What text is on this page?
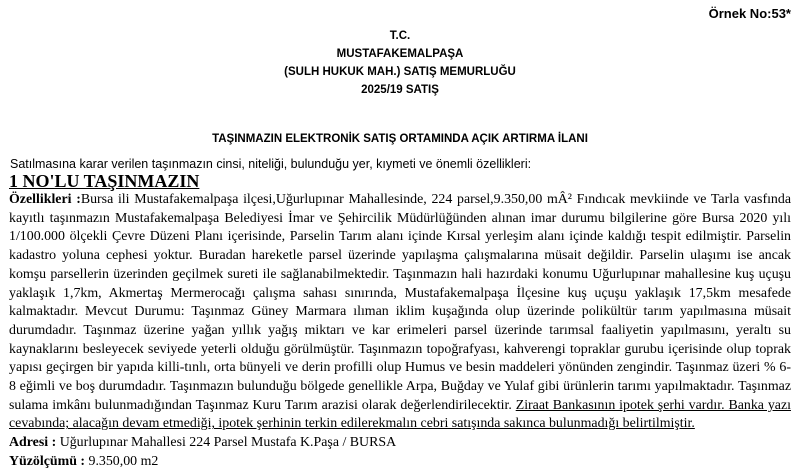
Örnek No:53*
T.C.
MUSTAFAKEMALPAŞA
(SULH HUKUK MAH.) SATIŞ MEMURLUĞU
2025/19 SATIŞ
TAŞINMAZIN ELEKTRONİK SATIŞ ORTAMINDA AÇIK ARTIRMA İLANI
Satılmasına karar verilen taşınmazın cinsi, niteliği, bulunduğu yer, kıymeti ve önemli özellikleri:
1 NO'LU TAŞINMAZIN

Özellikleri :Bursa ili Mustafakemalpaşa ilçesi,Uğurlupınar Mahallesinde, 224 parsel,9.350,00 mÂ² Fındıcak mevkiinde ve Tarla vasfında kayıtlı taşınmazın Mustafakemalpaşa Belediyesi İmar ve Şehircilik Müdürlüğünden alınan imar durumu bilgilerine göre Bursa 2020 yılı 1/100.000 ölçekli Çevre Düzeni Planı içerisinde, Parselin Tarım alanı içinde Kırsal yerleşim alanı içinde kaldığı tespit edilmiştir. Parselin kadastro yoluna cephesi yoktur. Buradan hareketle parsel üzerinde yapılaşma çalışmalarına müsait değildir. Parselin ulaşımı ise ancak komşu parsellerin üzerinden geçilmek sureti ile sağlanabilmektedir. Taşınmazın hali hazırdaki konumu Uğurlupınar mahallesine kuş uçuşu yaklaşık 1,7km, Akmertaş Mermerocağı çalışma sahası sınırında, Mustafakemalpaşa İlçesine kuş uçuşu yaklaşık 17,5km mesafede kalmaktadır. Mevcut Durumu: Taşınmaz Güney Marmara ılıman iklim kuşağında olup üzerinde polikültür tarım yapılmasına müsait durumdadır. Taşınmaz üzerine yağan yıllık yağış miktarı ve kar erimeleri parsel üzerinde tarımsal faaliyetin yapılmasını, yeraltı su kaynaklarını besleyecek seviyede yeterli olduğu görülmüştür. Taşınmazın topoğrafyası, kahverengi topraklar gurubu içerisinde olup toprak yapısı geçirgen bir yapıda killi-tınlı, orta bünyeli ve derin profilli olup Humus ve besin maddeleri yönünden zengindir. Taşınmaz üzeri % 6-8 eğimli ve boş durumdadır. Taşınmazın bulunduğu bölgede genellikle Arpa, Buğday ve Yulaf gibi ürünlerin tarımı yapılmaktadır. Taşınmaz sulama imkânı bulunmadığından Taşınmaz Kuru Tarım arazisi olarak değerlendirilecektir. Ziraat Bankasının ipotek şerhi vardır. Banka yazı cevabında; alacağın devam etmediği, ipotek şerhinin terkin edilerekmalın cebri satışında sakınca bulunmadığı belirtilmiştir.

Adresi : Uğurlupınar Mahallesi 224 Parsel Mustafa K.Paşa / BURSA

Yüzölçümü : 9.350,00 m2
